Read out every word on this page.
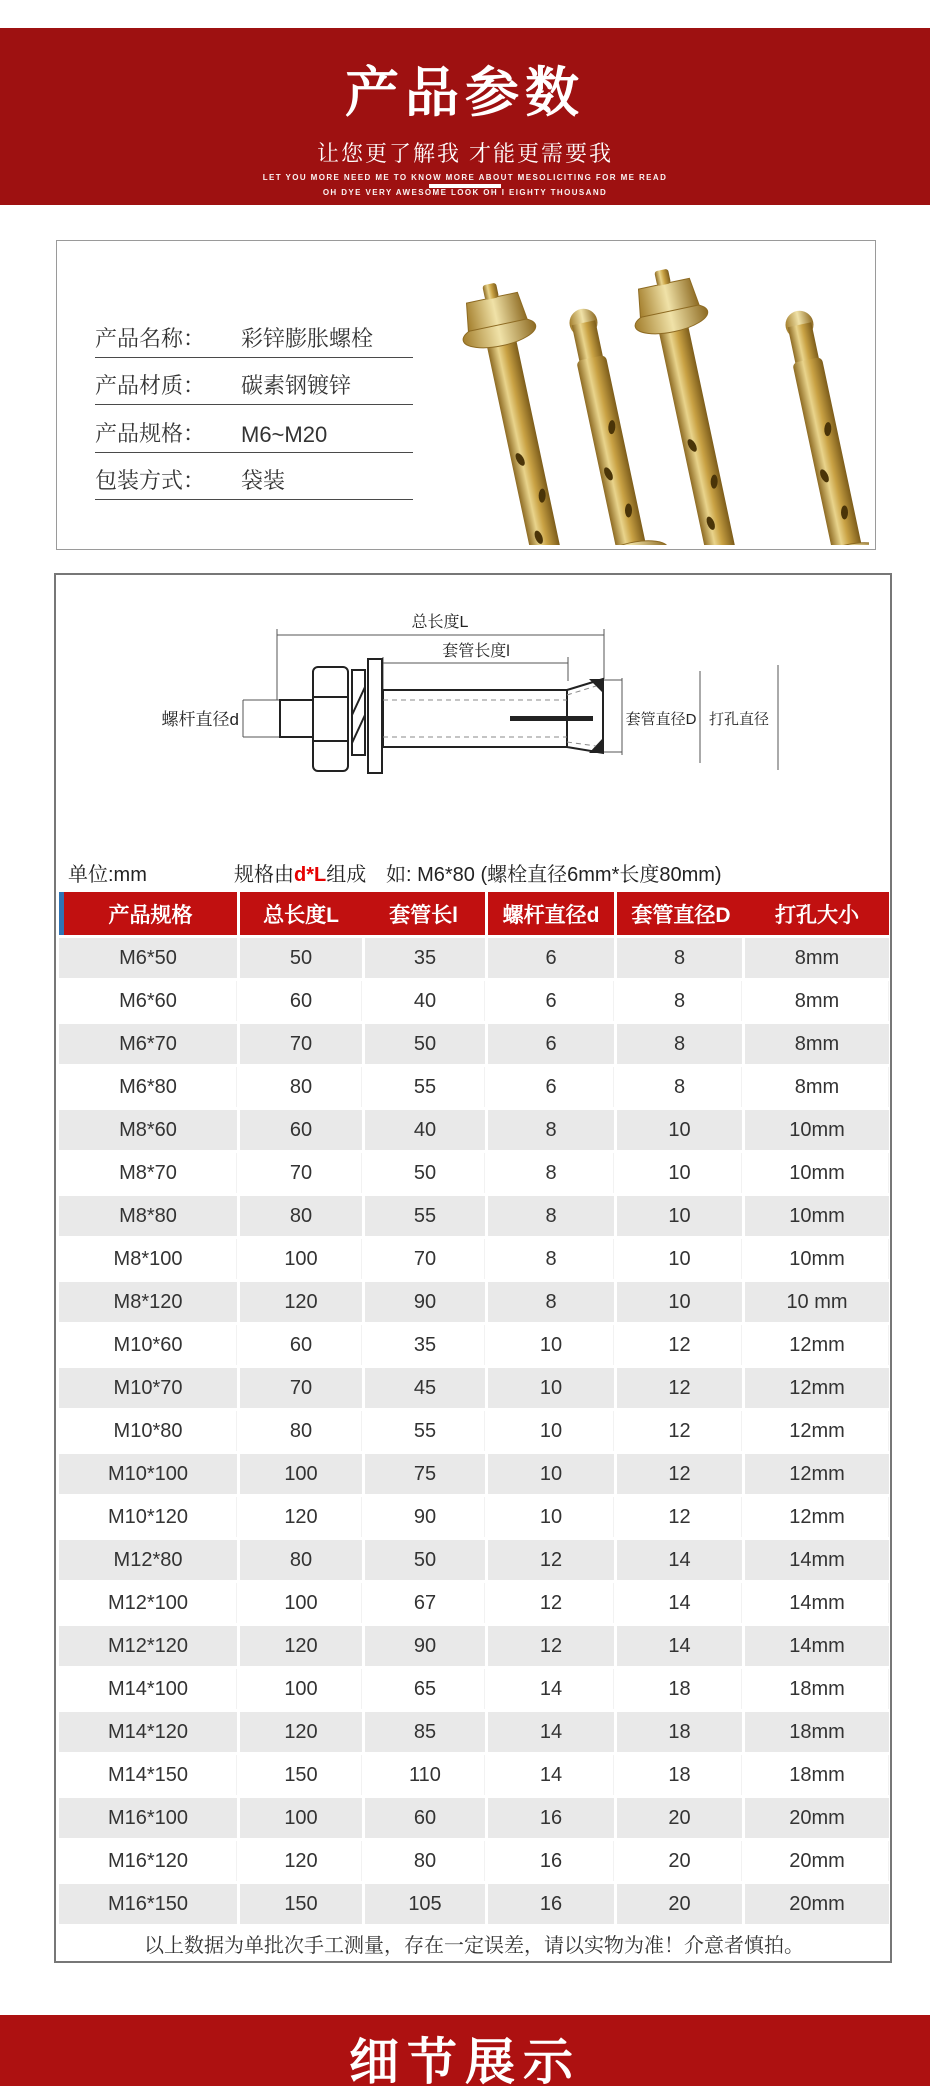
产品参数
让您更了解我 才能更需要我
LET YOU MORE NEED ME TO KNOW MORE ABOUT MESOLICITING FOR ME READ
OH DYE VERY AWESOME LOOK OH I EIGHTY THOUSAND
产品名称：	彩锌膨胀螺栓
产品材质：	碳素钢镀锌
产品规格：	M6~M20
包装方式：	袋装
总长度L
套管长度l
螺杆直径d	套管直径D 打孔直径
单位:mm	规格由d*L组成 如: M6*80 (螺栓直径6mm*长度80mm)
产品规格	总长度L	套管长l	螺杆直径d	套管直径D	打孔大小
M6*50	50	35	6	8	8mm
M6*60	60	40	6	8	8mm
M6*70	70	50	6	8	8mm
M6*80	80	55	6	8	8mm
M8*60	60	40	8	10	10mm
M8*70	70	50	8	10	10mm
M8*80	80	55	8	10	10mm
M8*100	100	70	8	10	10mm
M8*120	120	90	8	10	10 mm
M10*60	60	35	10	12	12mm
M10*70	70	45	10	12	12mm
M10*80	80	55	10	12	12mm
M10*100	100	75	10	12	12mm
M10*120	120	90	10	12	12mm
M12*80	80	50	12	14	14mm
M12*100	100	67	12	14	14mm
M12*120	120	90	12	14	14mm
M14*100	100	65	14	18	18mm
M14*120	120	85	14	18	18mm
M14*150	150	110	14	18	18mm
M16*100	100	60	16	20	20mm
M16*120	120	80	16	20	20mm
M16*150	150	105	16	20	20mm
以上数据为单批次手工测量，存在一定误差，请以实物为准！介意者慎拍。
细节展示
